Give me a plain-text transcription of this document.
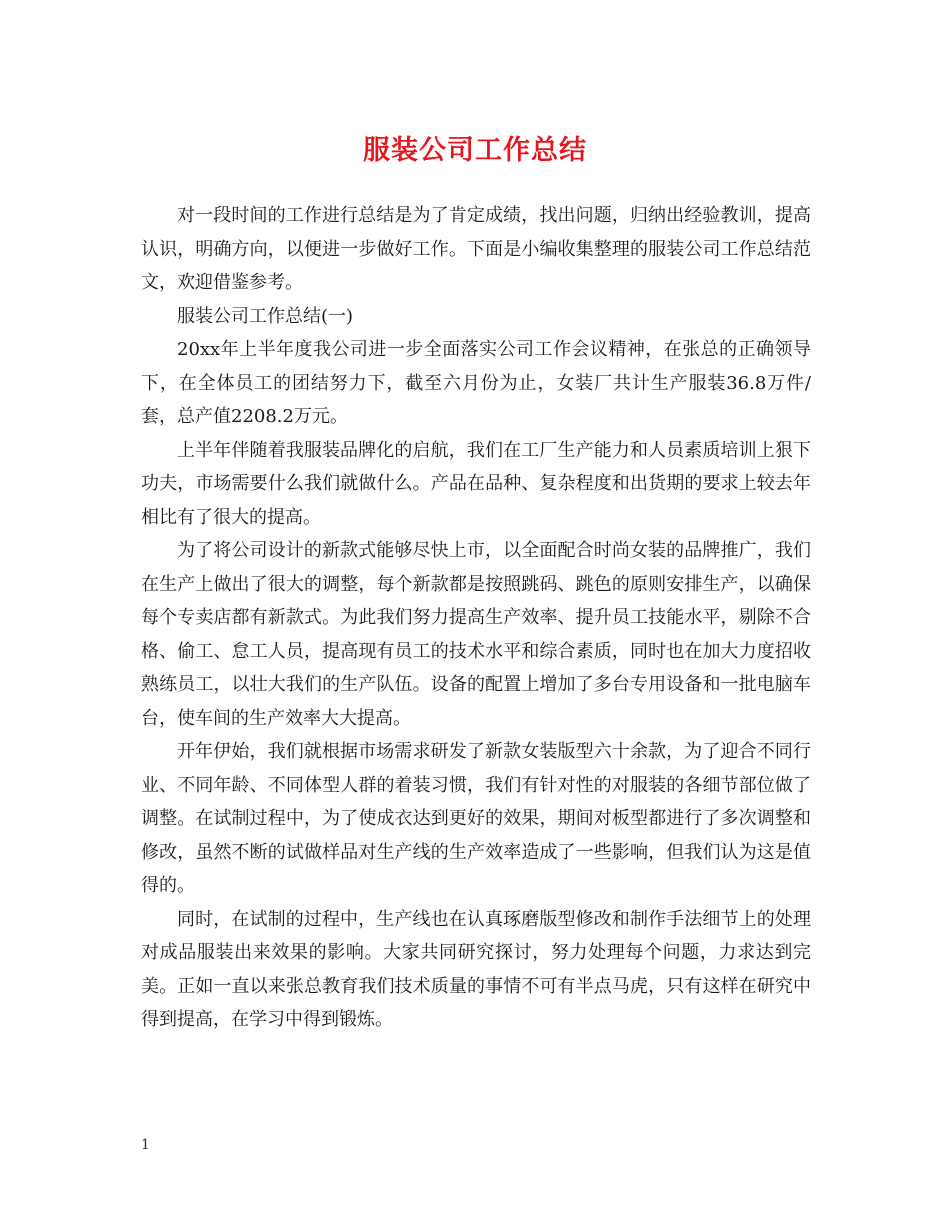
服装公司工作总结

对一段时间的工作进行总结是为了肯定成绩，找出问题，归纳出经验教训，提高认识，明确方向，以便进一步做好工作。下面是小编收集整理的服装公司工作总结范文，欢迎借鉴参考。

服装公司工作总结(一)

20xx年上半年度我公司进一步全面落实公司工作会议精神，在张总的正确领导下，在全体员工的团结努力下，截至六月份为止，女装厂共计生产服装36.8万件/套，总产值2208.2万元。

上半年伴随着我服装品牌化的启航，我们在工厂生产能力和人员素质培训上狠下功夫，市场需要什么我们就做什么。产品在品种、复杂程度和出货期的要求上较去年相比有了很大的提高。

为了将公司设计的新款式能够尽快上市，以全面配合时尚女装的品牌推广，我们在生产上做出了很大的调整，每个新款都是按照跳码、跳色的原则安排生产，以确保每个专卖店都有新款式。为此我们努力提高生产效率、提升员工技能水平，剔除不合格、偷工、怠工人员，提高现有员工的技术水平和综合素质，同时也在加大力度招收熟练员工，以壮大我们的生产队伍。设备的配置上增加了多台专用设备和一批电脑车台，使车间的生产效率大大提高。

开年伊始，我们就根据市场需求研发了新款女装版型六十余款，为了迎合不同行业、不同年龄、不同体型人群的着装习惯，我们有针对性的对服装的各细节部位做了调整。在试制过程中，为了使成衣达到更好的效果，期间对板型都进行了多次调整和修改，虽然不断的试做样品对生产线的生产效率造成了一些影响，但我们认为这是值得的。

同时，在试制的过程中，生产线也在认真琢磨版型修改和制作手法细节上的处理对成品服装出来效果的影响。大家共同研究探讨，努力处理每个问题，力求达到完美。正如一直以来张总教育我们技术质量的事情不可有半点马虎，只有这样在研究中得到提高，在学习中得到锻炼。

1
